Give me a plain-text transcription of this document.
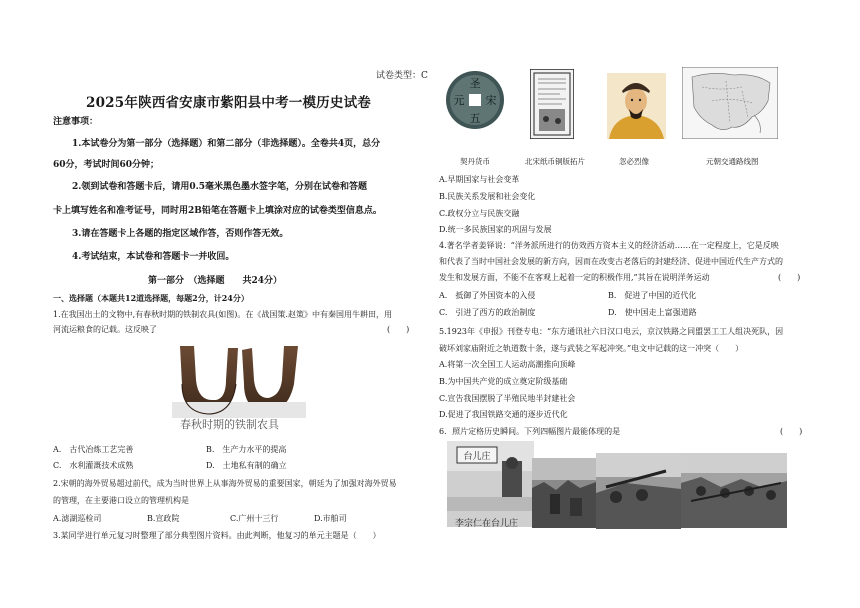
试卷类型：C
2025年陕西省安康市紫阳县中考一模历史试卷
注意事项：
1.本试卷分为第一部分（选择题）和第二部分（非选择题）。全卷共4页，总分
60分，考试时间60分钟；
2.领到试卷和答题卡后，请用0.5毫米黑色墨水签字笔，分别在试卷和答题
卡上填写姓名和准考证号，同时用2B铅笔在答题卡上填涂对应的试卷类型信息点。
3.请在答题卡上各题的指定区域作答，否则作答无效。
4.考试结束，本试卷和答题卡一并收回。
第一部分　（选择题　　共24分）
一、选择题（本题共12道选择题，每题2分，计24分）
1.在我国出土的文物中,有春秋时期的铁制农具(如图)。在《战国策.赵策》中有秦国用牛耕田，用
河流运粮食的记载。这反映了	(　　)
春秋时期的铁制农具
A.　古代冶炼工艺完善	B.　生产力水平的提高
C.　水利灌溉技术成熟	D.　土地私有制的确立
2.宋朝的海外贸易超过前代，成为当时世界上从事海外贸易的重要国家，朝廷为了加强对海外贸易
的管理，在主要港口设立的管理机构是
A.滤湖巡检司	B.宣政院	C.广州十三行	D.市舶司
3.某同学进行单元复习时整理了部分典型图片资料。由此判断，他复习的单元主题是（　　）
圣
宋
元
五
契丹货币	北宋纸币铜版拓片	忽必烈像	元朝交通路线图
A.早期国家与社会变革
B.民族关系发展和社会变化
C.政权分立与民族交融
D.统一多民族国家的巩固与发展
4.著名学者姜铎说：“洋务派所进行的仿效西方资本主义的经济活动……在一定程度上，它是反映
和代表了当时中国社会发展的新方向，因而在改变古老落后的封建经济、促进中国近代生产方式的
发生和发展方面，不能不在客观上起着一定的积极作用,”其旨在说明洋务运动	(　　)
A.　抵御了外国资本的入侵	B.　促进了中国的近代化
C.　引进了西方的政治制度	D.　使中国走上富强道路
5.1923年《申报》刊登专电：“东方通讯社六日汉口电云，京汉铁路之同盟罢工工人组决死队，因
破坏刘家庙附近之轨道数十条，遂与武装之军起冲突。”电文中记载的这一冲突（　　）
A.将第一次全国工人运动高潮推向顶峰
B.为中国共产党的成立奠定阶级基础
C.宣告我国摆脱了半殖民地半封建社会
D.促进了我国铁路交通的逐步近代化
6．照片定格历史瞬间。下列四幅图片最能体现的是	(　　)
台儿庄
李宗仁在台儿庄
